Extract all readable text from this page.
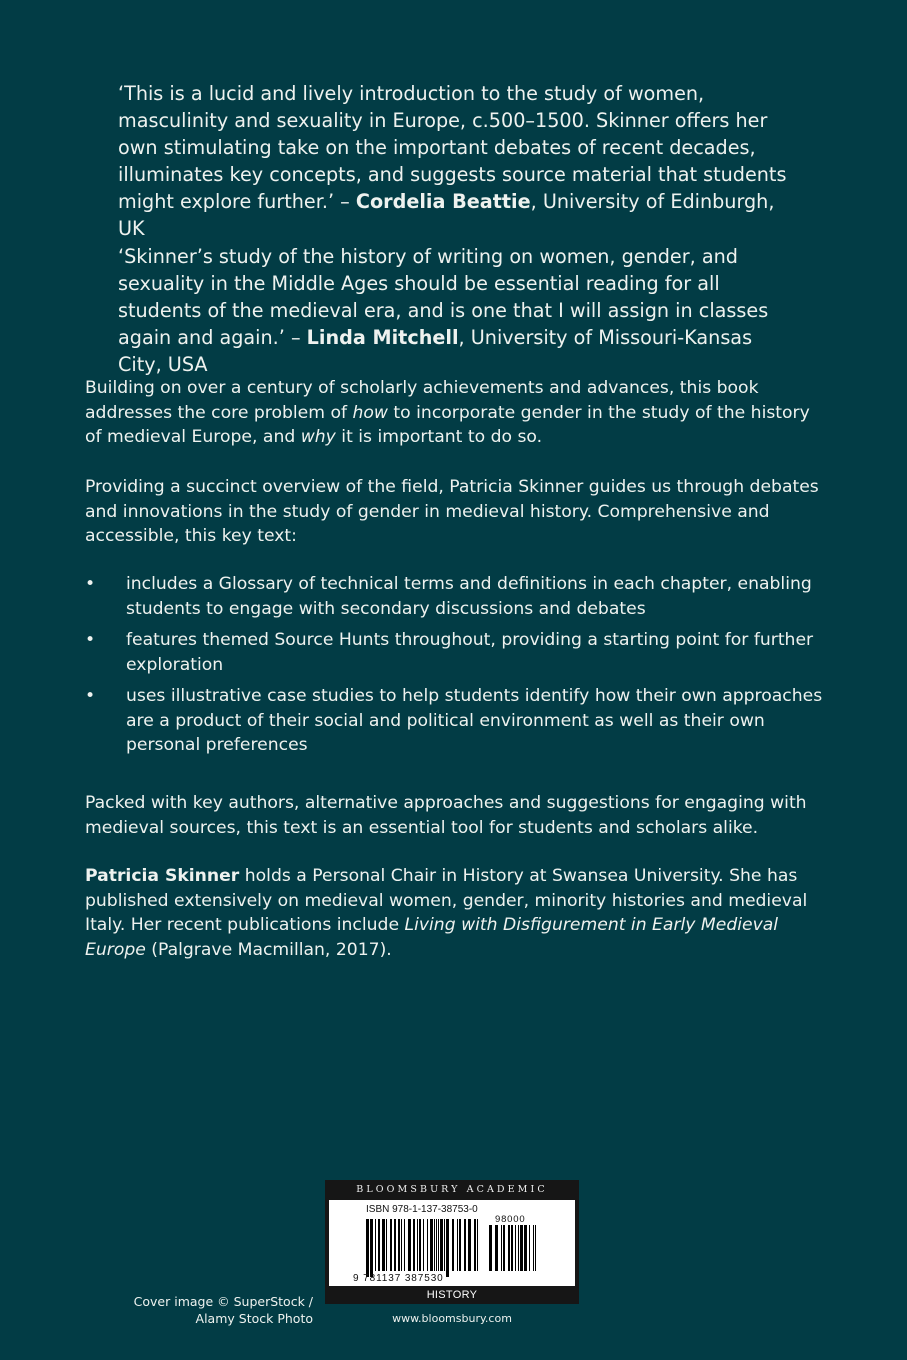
‘This is a lucid and lively introduction to the study of women, masculinity and sexuality in Europe, c.500–1500. Skinner offers her own stimulating take on the important debates of recent decades, illuminates key concepts, and suggests source material that students might explore further.’ – Cordelia Beattie, University of Edinburgh, UK

‘Skinner’s study of the history of writing on women, gender, and sexuality in the Middle Ages should be essential reading for all students of the medieval era, and is one that I will assign in classes again and again.’ – Linda Mitchell, University of Missouri-Kansas City, USA

Building on over a century of scholarly achievements and advances, this book addresses the core problem of how to incorporate gender in the study of the history of medieval Europe, and why it is important to do so.

Providing a succinct overview of the field, Patricia Skinner guides us through debates and innovations in the study of gender in medieval history. Comprehensive and accessible, this key text:

• includes a Glossary of technical terms and definitions in each chapter, enabling students to engage with secondary discussions and debates
• features themed Source Hunts throughout, providing a starting point for further exploration
• uses illustrative case studies to help students identify how their own approaches are a product of their social and political environment as well as their own personal preferences

Packed with key authors, alternative approaches and suggestions for engaging with medieval sources, this text is an essential tool for students and scholars alike.

Patricia Skinner holds a Personal Chair in History at Swansea University. She has published extensively on medieval women, gender, minority histories and medieval Italy. Her recent publications include Living with Disfigurement in Early Medieval Europe (Palgrave Macmillan, 2017).

BLOOMSBURY ACADEMIC
ISBN 978-1-137-38753-0
98000
9 781137 387530
HISTORY
www.bloomsbury.com
Cover image © SuperStock /
Alamy Stock Photo
